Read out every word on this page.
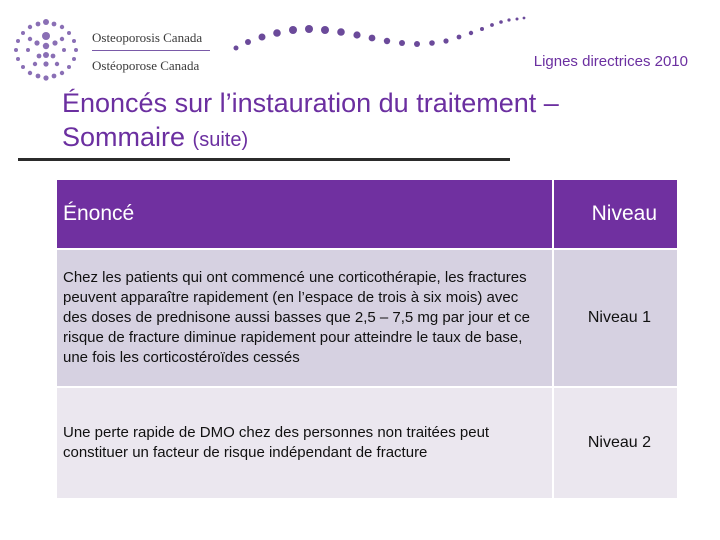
Osteoporosis Canada
Ostéoporose Canada	Lignes directrices 2010
Énoncés sur l’instauration du traitement – Sommaire (suite)
Énoncé	Niveau
Chez les patients qui ont commencé une corticothérapie, les fractures peuvent apparaître rapidement (en l’espace de trois à six mois) avec des doses de prednisone aussi basses que 2,5 – 7,5 mg par jour et ce risque de fracture diminue rapidement pour atteindre le taux de base, une fois les corticostéroïdes cessés	Niveau 1
Une perte rapide de DMO chez des personnes non traitées peut constituer un facteur de risque indépendant de fracture	Niveau 2
